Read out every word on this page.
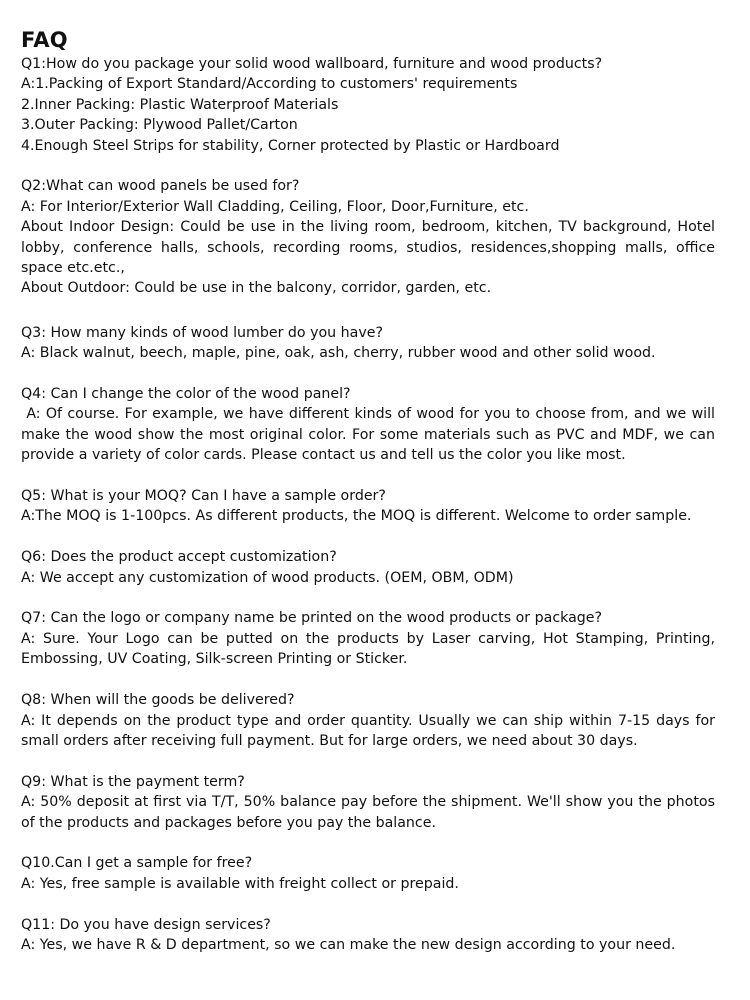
FAQ

Q1:How do you package your solid wood wallboard, furniture and wood products?

A:1.Packing of Export Standard/According to customers' requirements

2.Inner Packing: Plastic Waterproof Materials

3.Outer Packing: Plywood Pallet/Carton

4.Enough Steel Strips for stability, Corner protected by Plastic or Hardboard

Q2:What can wood panels be used for?

A: For Interior/Exterior Wall Cladding, Ceiling, Floor, Door,Furniture, etc.

About Indoor Design: Could be use in the living room, bedroom, kitchen, TV background, Hotel lobby, conference halls, schools, recording rooms, studios, residences,shopping malls, office space etc.etc.,

About Outdoor: Could be use in the balcony, corridor, garden, etc.

Q3: How many kinds of wood lumber do you have?

A: Black walnut, beech, maple, pine, oak, ash, cherry, rubber wood and other solid wood.

Q4: Can I change the color of the wood panel?

A: Of course. For example, we have different kinds of wood for you to choose from, and we will make the wood show the most original color. For some materials such as PVC and MDF, we can provide a variety of color cards. Please contact us and tell us the color you like most.

Q5: What is your MOQ? Can I have a sample order?

A:The MOQ is 1-100pcs. As different products, the MOQ is different. Welcome to order sample.

Q6: Does the product accept customization?

A: We accept any customization of wood products. (OEM, OBM, ODM)

Q7: Can the logo or company name be printed on the wood products or package?

A: Sure. Your Logo can be putted on the products by Laser carving, Hot Stamping, Printing, Embossing, UV Coating, Silk-screen Printing or Sticker.

Q8: When will the goods be delivered?

A: It depends on the product type and order quantity. Usually we can ship within 7-15 days for small orders after receiving full payment. But for large orders, we need about 30 days.

Q9: What is the payment term?

A: 50% deposit at first via T/T, 50% balance pay before the shipment. We'll show you the photos of the products and packages before you pay the balance.

Q10.Can I get a sample for free?

A: Yes, free sample is available with freight collect or prepaid.

Q11: Do you have design services?

A: Yes, we have R & D department, so we can make the new design according to your need.
